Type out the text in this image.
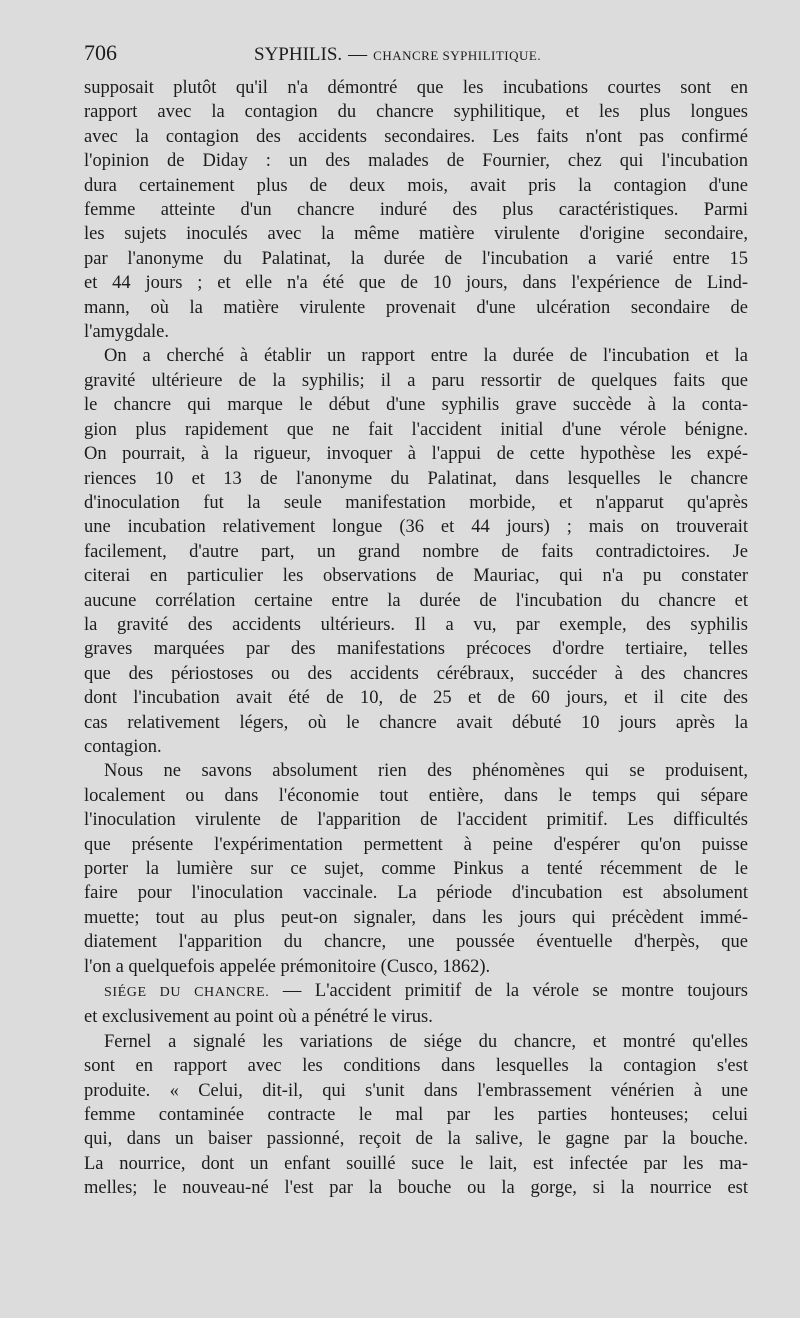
706	SYPHILIS. — CHANCRE SYPHILITIQUE.

supposait plutôt qu'il n'a démontré que les incubations courtes sont en
rapport avec la contagion du chancre syphilitique, et les plus longues
avec la contagion des accidents secondaires. Les faits n'ont pas confirmé
l'opinion de Diday : un des malades de Fournier, chez qui l'incubation
dura certainement plus de deux mois, avait pris la contagion d'une
femme atteinte d'un chancre induré des plus caractéristiques. Parmi
les sujets inoculés avec la même matière virulente d'origine secondaire,
par l'anonyme du Palatinat, la durée de l'incubation a varié entre 15
et 44 jours ; et elle n'a été que de 10 jours, dans l'expérience de Lind-
mann, où la matière virulente provenait d'une ulcération secondaire de
l'amygdale.

On a cherché à établir un rapport entre la durée de l'incubation et la
gravité ultérieure de la syphilis; il a paru ressortir de quelques faits que
le chancre qui marque le début d'une syphilis grave succède à la conta-
gion plus rapidement que ne fait l'accident initial d'une vérole bénigne.
On pourrait, à la rigueur, invoquer à l'appui de cette hypothèse les expé-
riences 10 et 13 de l'anonyme du Palatinat, dans lesquelles le chancre
d'inoculation fut la seule manifestation morbide, et n'apparut qu'après
une incubation relativement longue (36 et 44 jours) ; mais on trouverait
facilement, d'autre part, un grand nombre de faits contradictoires. Je
citerai en particulier les observations de Mauriac, qui n'a pu constater
aucune corrélation certaine entre la durée de l'incubation du chancre et
la gravité des accidents ultérieurs. Il a vu, par exemple, des syphilis
graves marquées par des manifestations précoces d'ordre tertiaire, telles
que des périostoses ou des accidents cérébraux, succéder à des chancres
dont l'incubation avait été de 10, de 25 et de 60 jours, et il cite des
cas relativement légers, où le chancre avait débuté 10 jours après la
contagion.

Nous ne savons absolument rien des phénomènes qui se produisent,
localement ou dans l'économie tout entière, dans le temps qui sépare
l'inoculation virulente de l'apparition de l'accident primitif. Les difficultés
que présente l'expérimentation permettent à peine d'espérer qu'on puisse
porter la lumière sur ce sujet, comme Pinkus a tenté récemment de le
faire pour l'inoculation vaccinale. La période d'incubation est absolument
muette; tout au plus peut-on signaler, dans les jours qui précèdent immé-
diatement l'apparition du chancre, une poussée éventuelle d'herpès, que
l'on a quelquefois appelée prémonitoire (Cusco, 1862).

SIÉGE DU CHANCRE. — L'accident primitif de la vérole se montre toujours
et exclusivement au point où a pénétré le virus.

Fernel a signalé les variations de siége du chancre, et montré qu'elles
sont en rapport avec les conditions dans lesquelles la contagion s'est
produite. « Celui, dit-il, qui s'unit dans l'embrassement vénérien à une
femme contaminée contracte le mal par les parties honteuses; celui
qui, dans un baiser passionné, reçoit de la salive, le gagne par la bouche.
La nourrice, dont un enfant souillé suce le lait, est infectée par les ma-
melles; le nouveau-né l'est par la bouche ou la gorge, si la nourrice est
